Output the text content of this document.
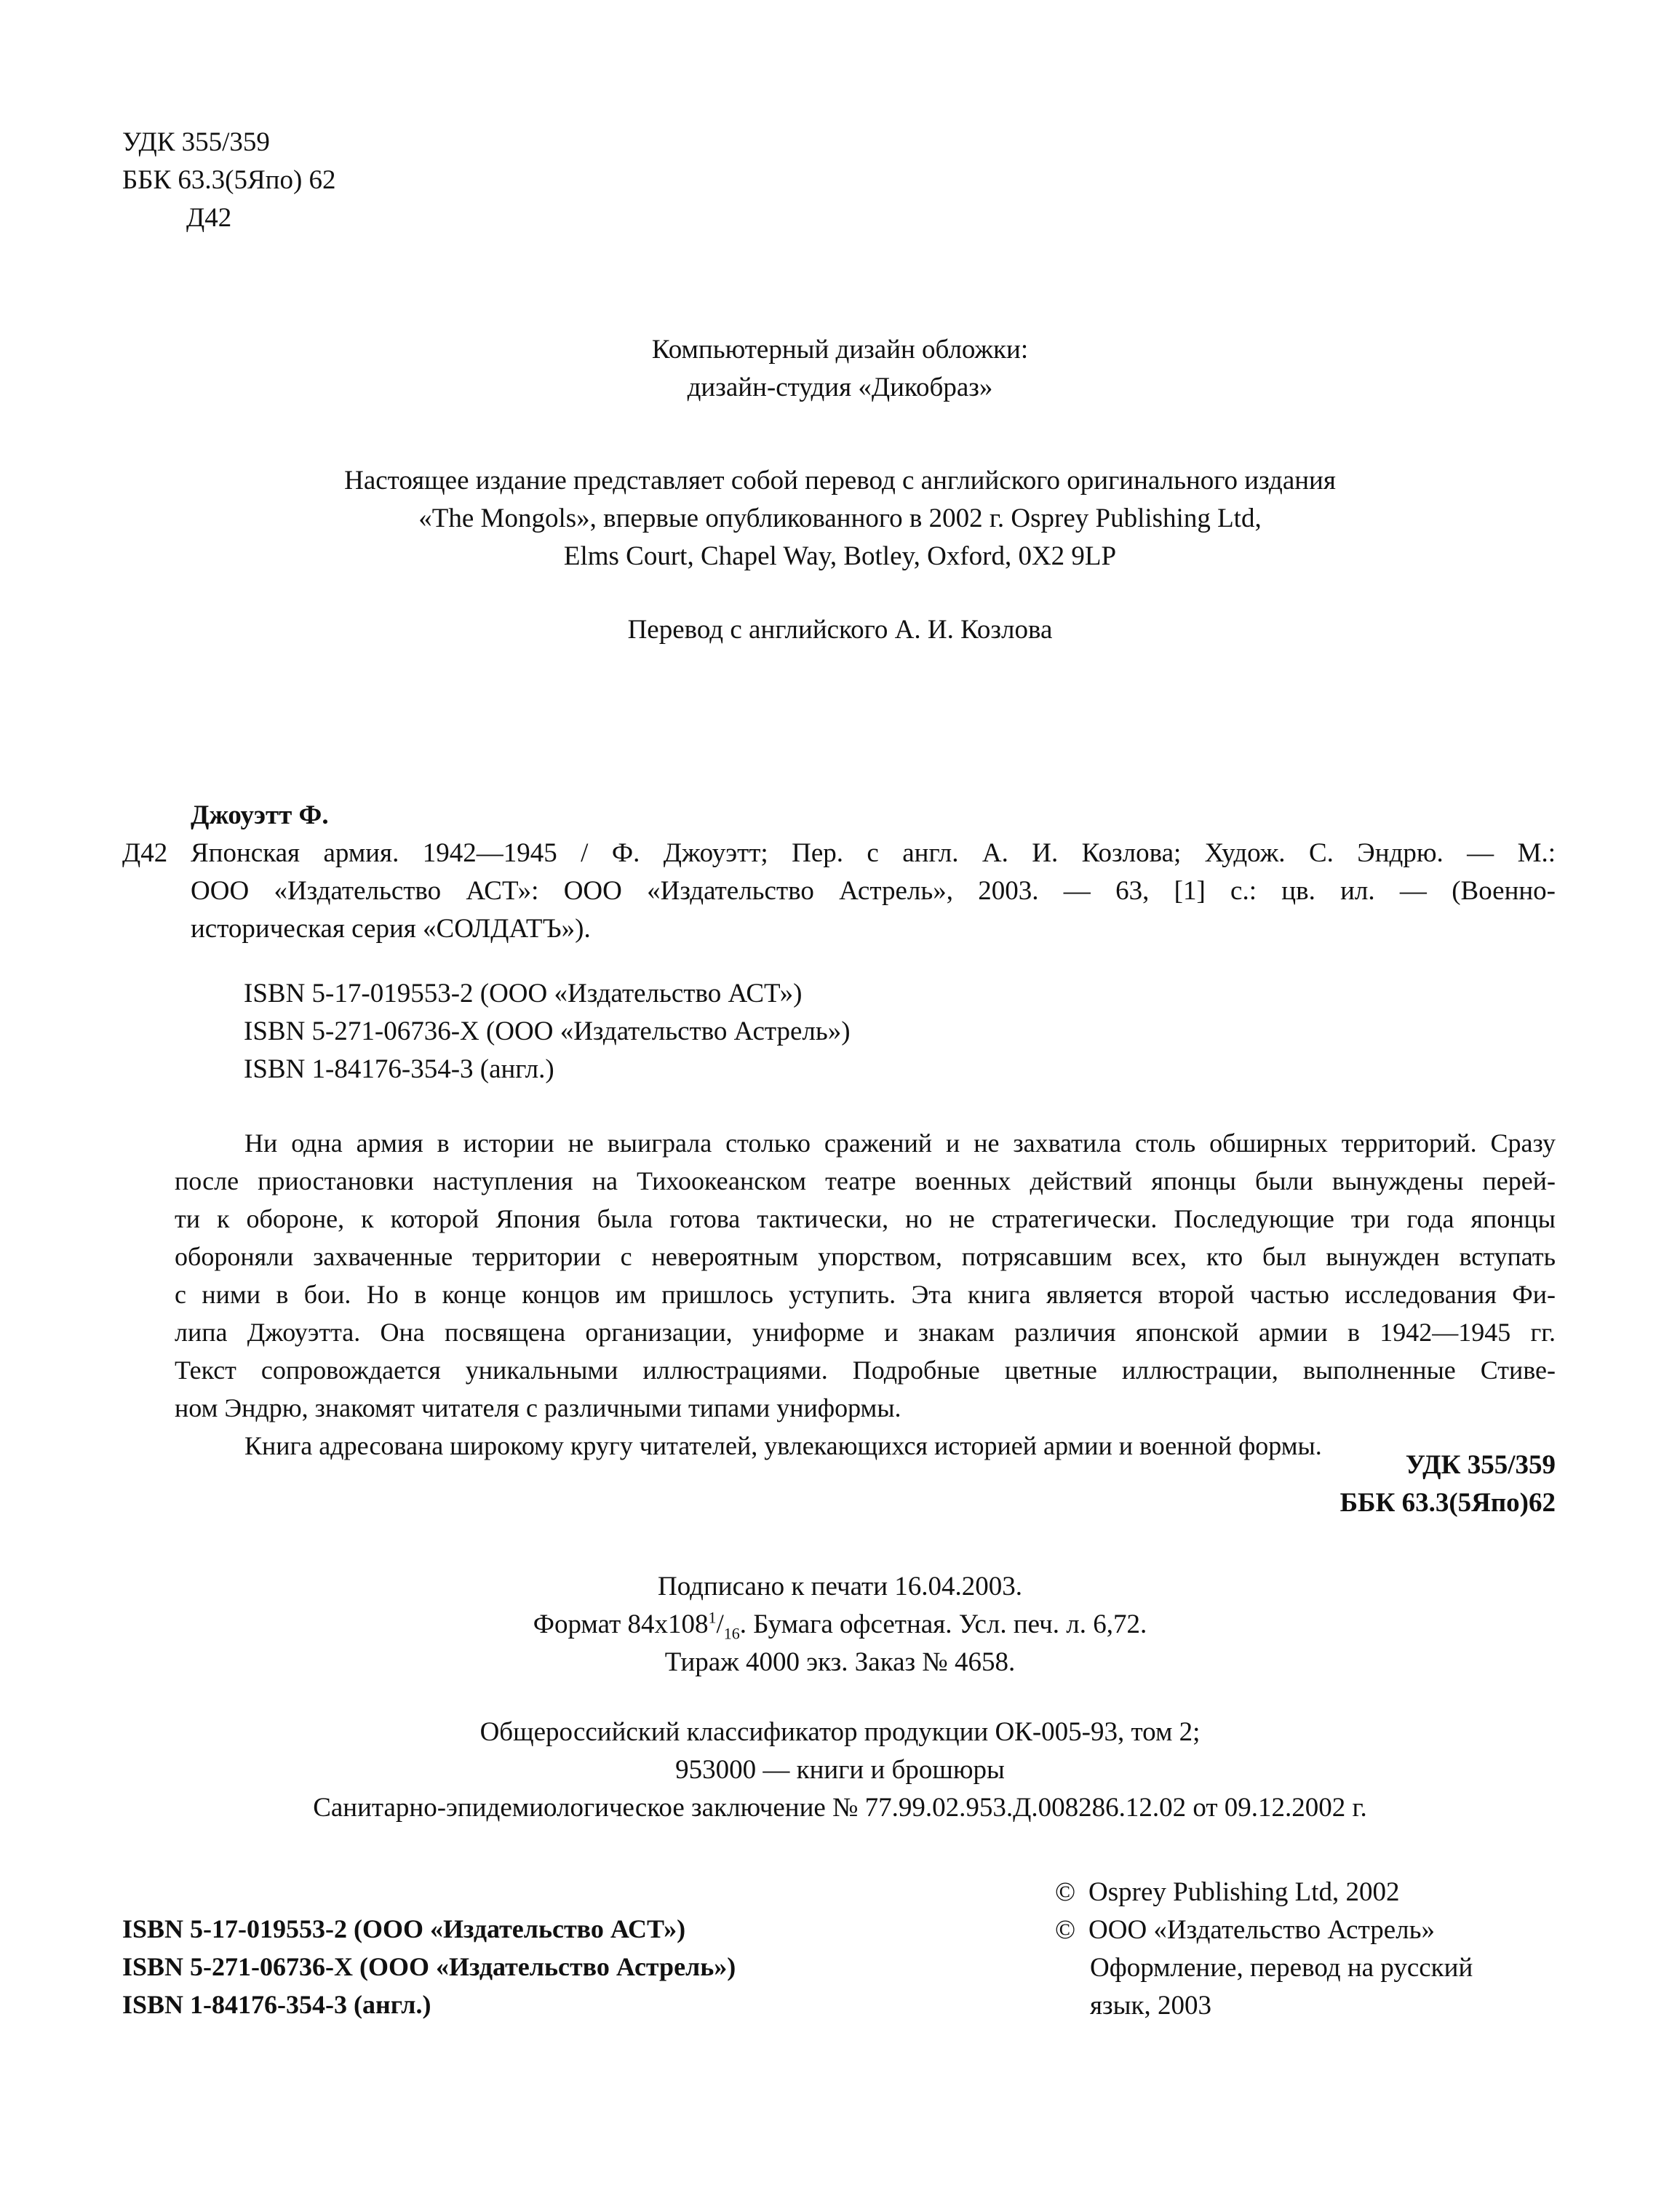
УДК 355/359
ББК 63.3(5Япо) 62
Д42
Компьютерный дизайн обложки:
дизайн-студия «Дикобраз»
Настоящее издание представляет собой перевод с английского оригинального издания
«The Mongols», впервые опубликованного в 2002 г. Osprey Publishing Ltd,
Elms Court, Chapel Way, Botley, Oxford, 0X2 9LP
Перевод с английского А. И. Козлова
Джоуэтт Ф.
Д42 Японская армия. 1942—1945 / Ф. Джоуэтт; Пер. с англ. А. И. Козлова; Худож. С. Эндрю. — М.:
ООО «Издательство АСТ»: ООО «Издательство Астрель», 2003. — 63, [1] с.: цв. ил. — (Военно-
историческая серия «СОЛДАТЪ»).
ISBN 5-17-019553-2 (ООО «Издательство АСТ»)
ISBN 5-271-06736-Х (ООО «Издательство Астрель»)
ISBN 1-84176-354-3 (англ.)
Ни одна армия в истории не выиграла столько сражений и не захватила столь обширных территорий. Сразу
после приостановки наступления на Тихоокеанском театре военных действий японцы были вынуждены перей-
ти к обороне, к которой Япония была готова тактически, но не стратегически. Последующие три года японцы
обороняли захваченные территории с невероятным упорством, потрясавшим всех, кто был вынужден вступать
с ними в бои. Но в конце концов им пришлось уступить. Эта книга является второй частью исследования Фи-
липа Джоуэтта. Она посвящена организации, униформе и знакам различия японской армии в 1942—1945 гг.
Текст сопровождается уникальными иллюстрациями. Подробные цветные иллюстрации, выполненные Стиве-
ном Эндрю, знакомят читателя с различными типами униформы.
Книга адресована широкому кругу читателей, увлекающихся историей армии и военной формы.
УДК 355/359
ББК 63.3(5Япо)62
Подписано к печати 16.04.2003.
Формат $84x108^1/_{16}$. Бумага офсетная. Усл. печ. л. 6,72.
Тираж 4000 экз. Заказ № 4658.
Общероссийский классификатор продукции ОК-005-93, том 2;
953000 — книги и брошюры
Санитарно-эпидемиологическое заключение № 77.99.02.953.Д.008286.12.02 от 09.12.2002 г.
ISBN 5-17-019553-2 (ООО «Издательство АСТ»)
ISBN 5-271-06736-Х (ООО «Издательство Астрель»)
ISBN 1-84176-354-3 (англ.)
© Osprey Publishing Ltd, 2002
© ООО «Издательство Астрель»
Оформление, перевод на русский
язык, 2003
